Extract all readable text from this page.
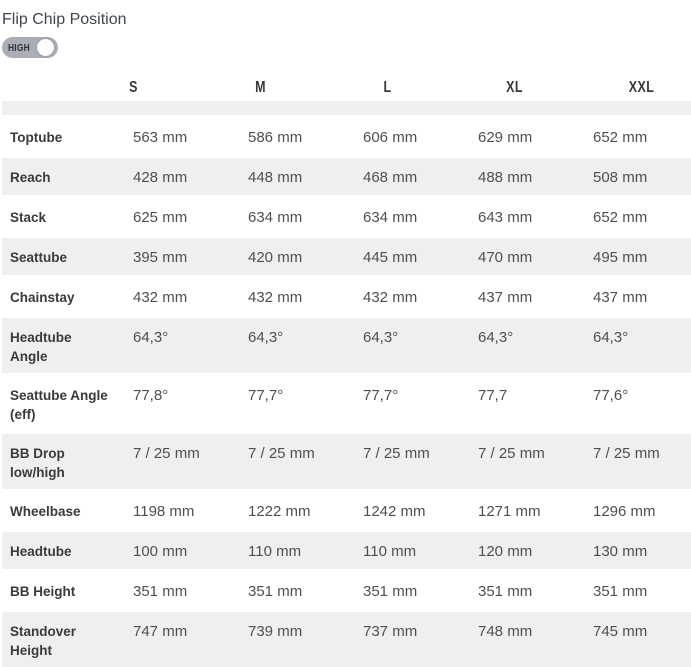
Flip Chip Position
HIGH
S	M	L	XL	XXL
Toptube	563 mm	586 mm	606 mm	629 mm	652 mm
Reach	428 mm	448 mm	468 mm	488 mm	508 mm
Stack	625 mm	634 mm	634 mm	643 mm	652 mm
Seattube	395 mm	420 mm	445 mm	470 mm	495 mm
Chainstay	432 mm	432 mm	432 mm	437 mm	437 mm
Headtube Angle	64,3°	64,3°	64,3°	64,3°	64,3°
Seattube Angle (eff)	77,8°	77,7°	77,7°	77,7	77,6°
BB Drop low/high	7 / 25 mm	7 / 25 mm	7 / 25 mm	7 / 25 mm	7 / 25 mm
Wheelbase	1198 mm	1222 mm	1242 mm	1271 mm	1296 mm
Headtube	100 mm	110 mm	110 mm	120 mm	130 mm
BB Height	351 mm	351 mm	351 mm	351 mm	351 mm
Standover Height	747 mm	739 mm	737 mm	748 mm	745 mm
